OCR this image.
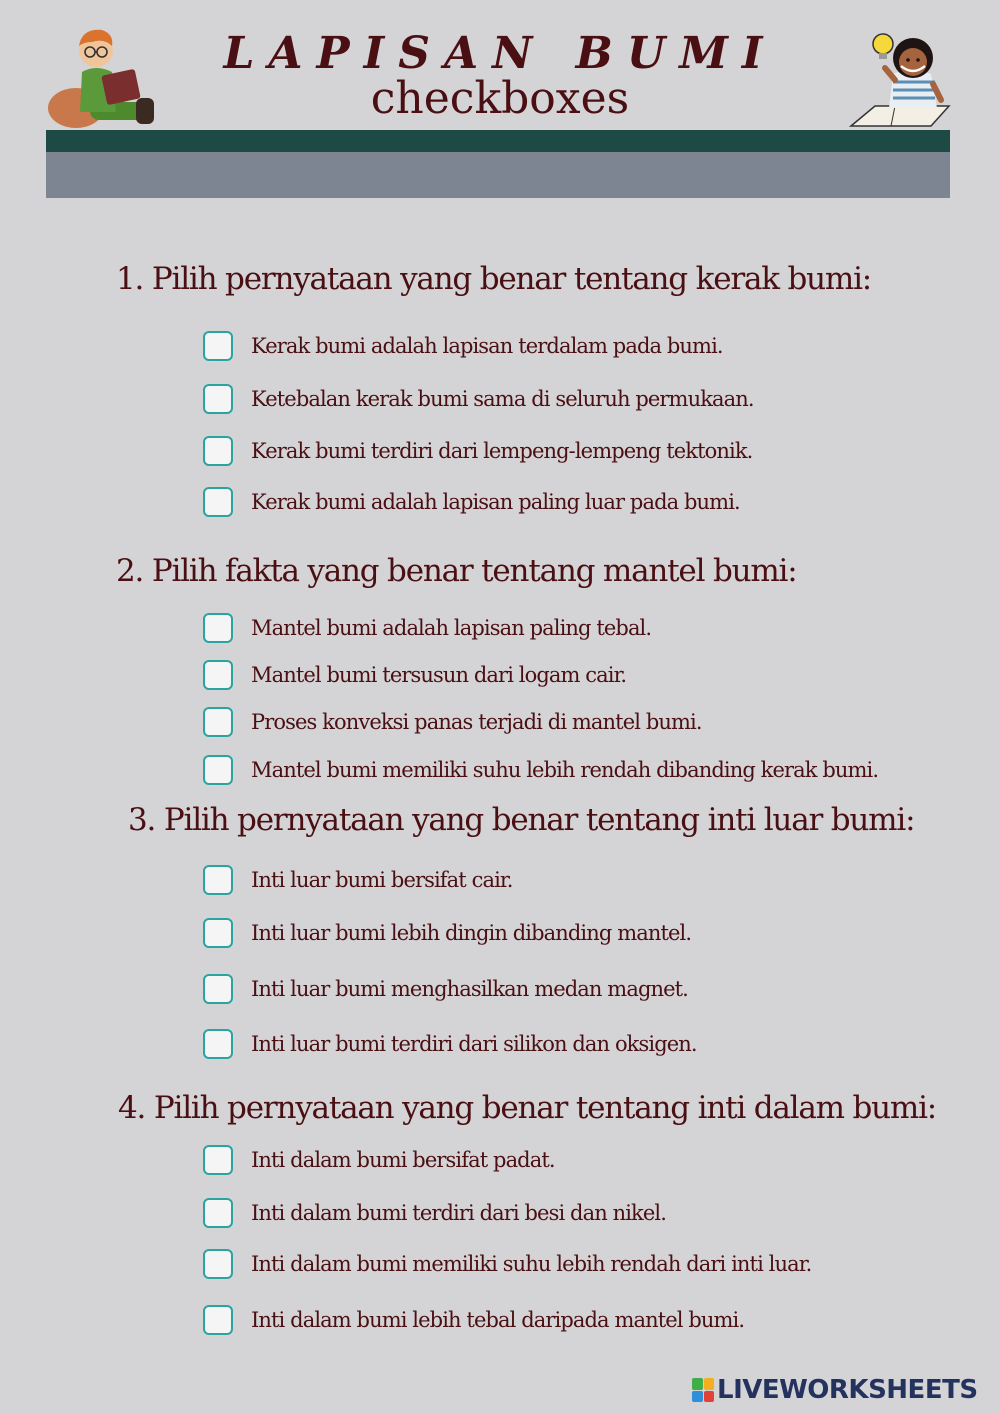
LAPISAN BUMI
checkboxes
1. Pilih pernyataan yang benar tentang kerak bumi:
Kerak bumi adalah lapisan terdalam pada bumi.
Ketebalan kerak bumi sama di seluruh permukaan.
Kerak bumi terdiri dari lempeng-lempeng tektonik.
Kerak bumi adalah lapisan paling luar pada bumi.
2. Pilih fakta yang benar tentang mantel bumi:
Mantel bumi adalah lapisan paling tebal.
Mantel bumi tersusun dari logam cair.
Proses konveksi panas terjadi di mantel bumi.
Mantel bumi memiliki suhu lebih rendah dibanding kerak bumi.
3. Pilih pernyataan yang benar tentang inti luar bumi:
Inti luar bumi bersifat cair.
Inti luar bumi lebih dingin dibanding mantel.
Inti luar bumi menghasilkan medan magnet.
Inti luar bumi terdiri dari silikon dan oksigen.
4. Pilih pernyataan yang benar tentang inti dalam bumi:
Inti dalam bumi bersifat padat.
Inti dalam bumi terdiri dari besi dan nikel.
Inti dalam bumi memiliki suhu lebih rendah dari inti luar.
Inti dalam bumi lebih tebal daripada mantel bumi.
LIVEWORKSHEETS
